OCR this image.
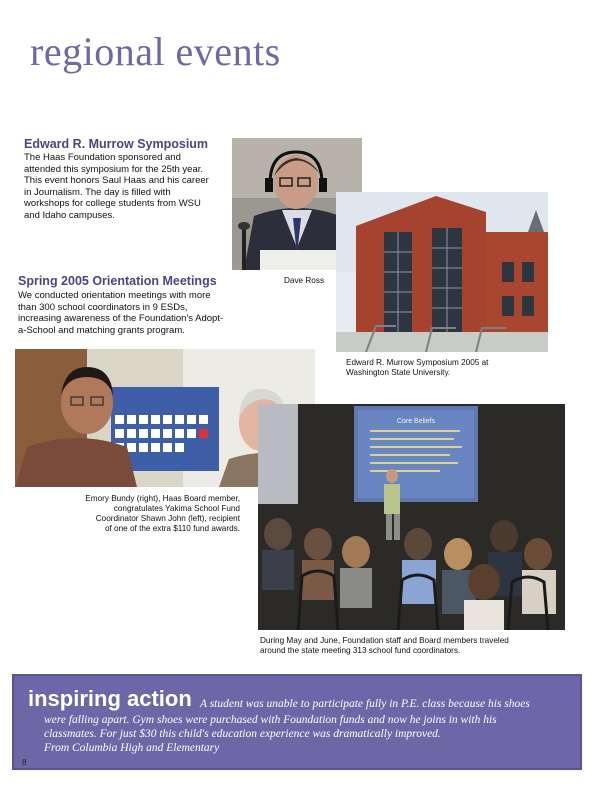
regional events
Edward R. Murrow Symposium
The Haas Foundation sponsored and
attended this symposium for the 25th year.
This event honors Saul Haas and his career
in Journalism. The day is filled with
workshops for college students from WSU
and Idaho campuses.
Dave Ross
Edward R. Murrow Symposium 2005 at
Washington State University.
Spring 2005 Orientation Meetings
We conducted orientation meetings with more
than 300 school coordinators in 9 ESDs,
increasing awareness of the Foundation's Adopt-
a-School and matching grants program.
Emory Bundy (right), Haas Board member,
congratulates Yakima School Fund
Coordinator Shawn John (left), recipient
of one of the extra $110 fund awards.
Core Beliefs
During May and June, Foundation staff and Board members traveled
around the state meeting 313 school fund coordinators.
inspiring action A student was unable to participate fully in P.E. class because his shoes
were falling apart. Gym shoes were purchased with Foundation funds and now he joins in with his
classmates. For just $30 this child's education experience was dramatically improved.
From Columbia High and Elementary
8
